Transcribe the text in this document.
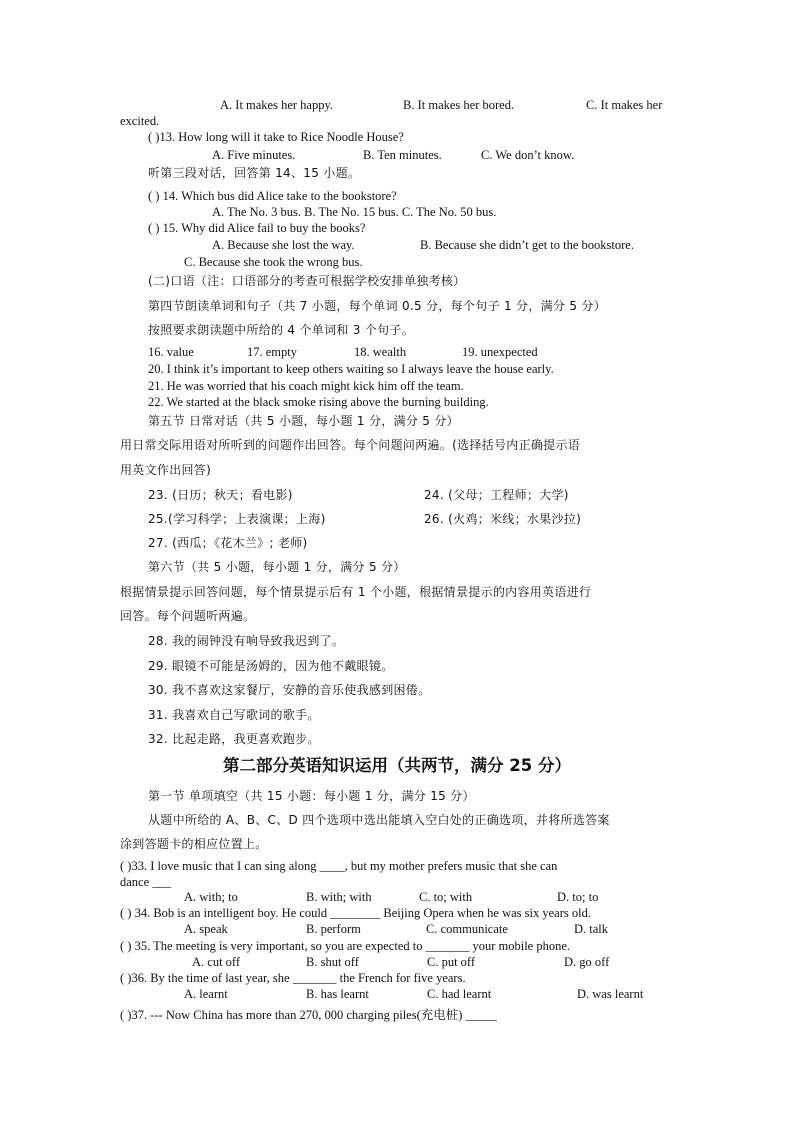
A. It makes her happy.	B. It makes her bored.	C. It makes her
excited.
( )13. How long will it take to Rice Noodle House?
A. Five minutes.	B. Ten minutes.	C. We don’t know.
听第三段对话，回答第 14、15 小题。
( ) 14. Which bus did Alice take to the bookstore?
A. The No. 3 bus. B. The No. 15 bus. C. The No. 50 bus.
( ) 15. Why did Alice fail to buy the books?
A. Because she lost the way.	B. Because she didn’t get to the bookstore.
C. Because she took the wrong bus.
(二)口语（注：口语部分的考查可根据学校安排单独考核）
第四节朗读单词和句子（共 7 小题，每个单词 0.5 分，每个句子 1 分，满分 5 分）
按照要求朗读题中所给的 4 个单词和 3 个句子。
16. value	17. empty	18. wealth	19. unexpected
20. I think it’s important to keep others waiting so I always leave the house early.
21. He was worried that his coach might kick him off the team.
22. We started at the black smoke rising above the burning building.
第五节 日常对话（共 5 小题，每小题 1 分，满分 5 分）
用日常交际用语对所听到的问题作出回答。每个问题问两遍。(选择括号内正确提示语
用英文作出回答)
23. (日历；秋天；看电影)	24. (父母；工程师；大学)
25.(学习科学；上表演课；上海)	26. (火鸡；米线；水果沙拉)
27. (西瓜；《花木兰》; 老师)
第六节（共 5 小题，每小题 1 分，满分 5 分）
根据情景提示回答问题，每个情景提示后有 1 个小题，根据情景提示的内容用英语进行
回答。每个问题听两遍。
28. 我的闹钟没有响导致我迟到了。
29. 眼镜不可能是汤姆的，因为他不戴眼镜。
30. 我不喜欢这家餐厅，安静的音乐使我感到困倦。
31. 我喜欢自己写歌词的歌手。
32. 比起走路，我更喜欢跑步。
第二部分英语知识运用（共两节，满分 25 分）
第一节 单项填空（共 15 小题：每小题 1 分，满分 15 分）
从题中所给的 A、B、C、D 四个选项中选出能填入空白处的正确选项，并将所选答案
涂到答题卡的相应位置上。
( )33. I love music that I can sing along ____, but my mother prefers music that she can
dance ___
A. with; to	B. with; with	C. to; with	D. to; to
( ) 34. Bob is an intelligent boy. He could ________ Beijing Opera when he was six years old.
A. speak	B. perform	C. communicate	D. talk
( ) 35. The meeting is very important, so you are expected to _______ your mobile phone.
A. cut off	B. shut off	C. put off	D. go off
( )36. By the time of last year, she _______ the French for five years.
A. learnt	B. has learnt	C. had learnt	D. was learnt
( )37. --- Now China has more than 270, 000 charging piles(充电桩) _____
